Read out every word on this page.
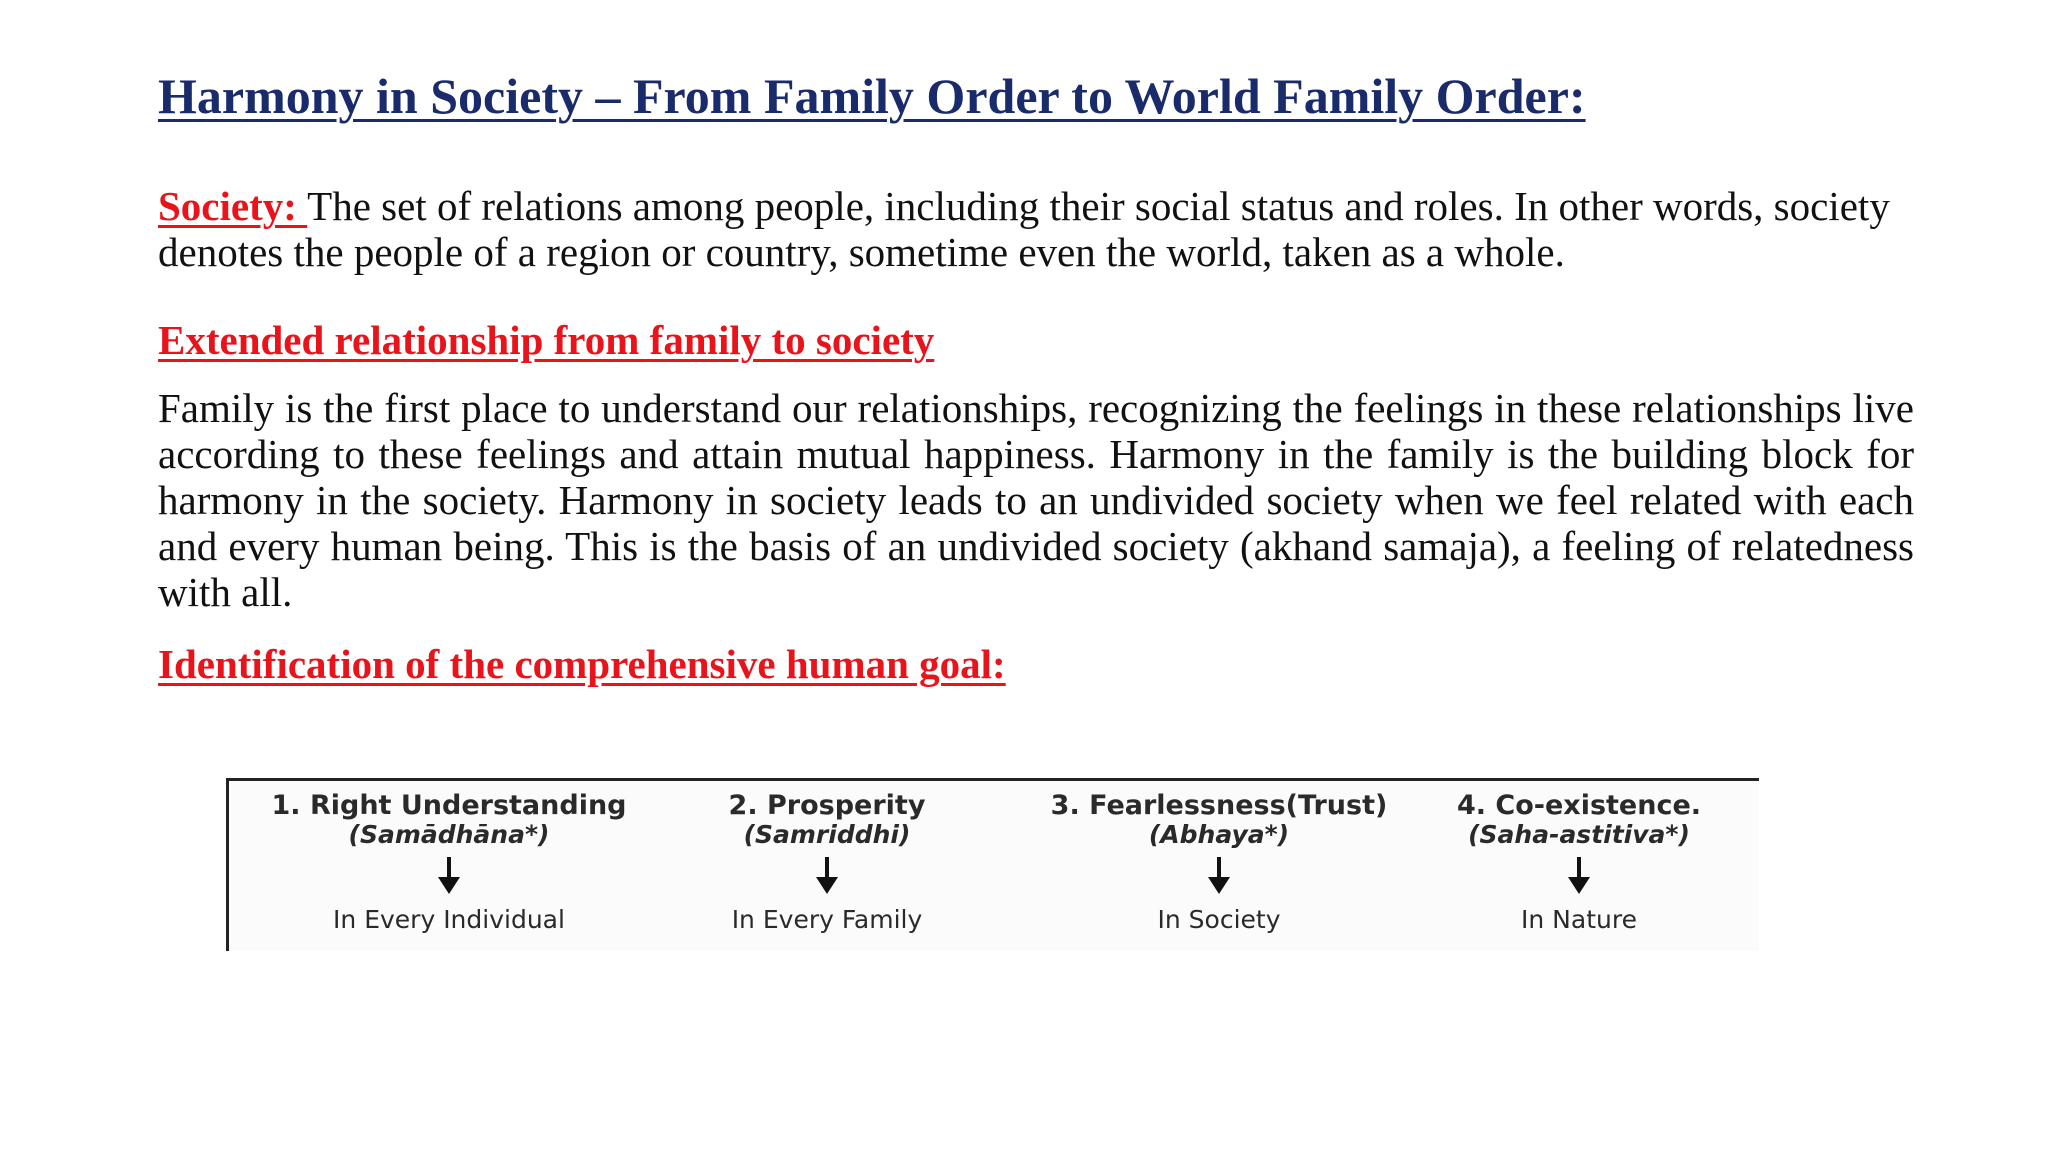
Harmony in Society – From Family Order to World Family Order:

Society: The set of relations among people, including their social status and roles. In other words, society denotes the people of a region or country, sometime even the world, taken as a whole.

Extended relationship from family to society

Family is the first place to understand our relationships, recognizing the feelings in these relationships live according to these feelings and attain mutual happiness. Harmony in the family is the building block for harmony in the society. Harmony in society leads to an undivided society when we feel related with each and every human being. This is the basis of an undivided society (akhand samaja), a feeling of relatedness with all.

Identification of the comprehensive human goal:
1. Right Understanding
(Samādhāna*)
In Every Individual
2. Prosperity
(Samriddhi)
In Every Family
3. Fearlessness(Trust)
(Abhaya*)
In Society
4. Co-existence.
(Saha-astitiva*)
In Nature
